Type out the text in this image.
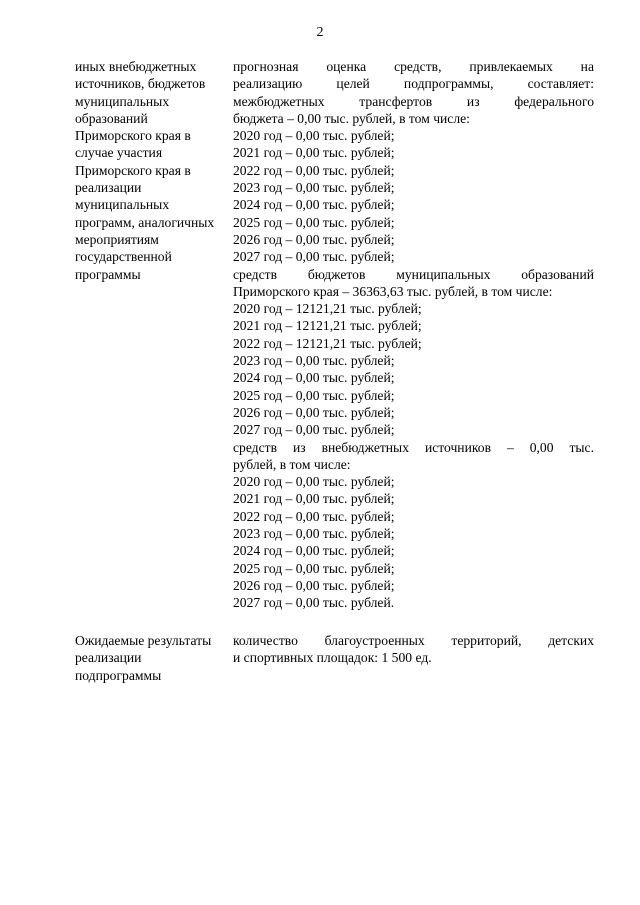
2
иных внебюджетных
источников, бюджетов
муниципальных
образований
Приморского края в
случае участия
Приморского края в
реализации
муниципальных
программ, аналогичных
мероприятиям
государственной
программы
прогнозная оценка средств, привлекаемых на
реализацию целей подпрограммы, составляет:
межбюджетных трансфертов из федерального
бюджета – 0,00 тыс. рублей, в том числе:
2020 год – 0,00 тыс. рублей;
2021 год – 0,00 тыс. рублей;
2022 год – 0,00 тыс. рублей;
2023 год – 0,00 тыс. рублей;
2024 год – 0,00 тыс. рублей;
2025 год – 0,00 тыс. рублей;
2026 год – 0,00 тыс. рублей;
2027 год – 0,00 тыс. рублей;
средств бюджетов муниципальных образований
Приморского края – 36363,63 тыс. рублей, в том числе:
2020 год – 12121,21 тыс. рублей;
2021 год – 12121,21 тыс. рублей;
2022 год – 12121,21 тыс. рублей;
2023 год – 0,00 тыс. рублей;
2024 год – 0,00 тыс. рублей;
2025 год – 0,00 тыс. рублей;
2026 год – 0,00 тыс. рублей;
2027 год – 0,00 тыс. рублей;
средств из внебюджетных источников – 0,00 тыс.
рублей, в том числе:
2020 год – 0,00 тыс. рублей;
2021 год – 0,00 тыс. рублей;
2022 год – 0,00 тыс. рублей;
2023 год – 0,00 тыс. рублей;
2024 год – 0,00 тыс. рублей;
2025 год – 0,00 тыс. рублей;
2026 год – 0,00 тыс. рублей;
2027 год – 0,00 тыс. рублей.
Ожидаемые результаты
реализации
подпрограммы
количество благоустроенных территорий, детских
и спортивных площадок: 1 500 ед.
